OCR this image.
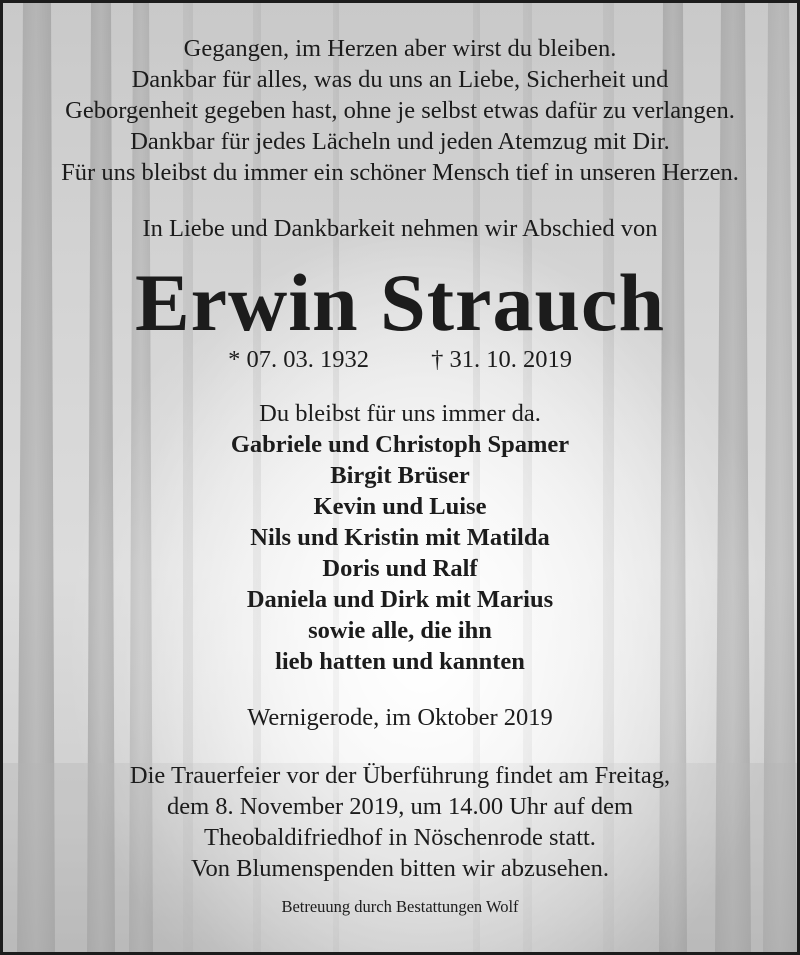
Gegangen, im Herzen aber wirst du bleiben.
Dankbar für alles, was du uns an Liebe, Sicherheit und
Geborgenheit gegeben hast, ohne je selbst etwas dafür zu verlangen.
Dankbar für jedes Lächeln und jeden Atemzug mit Dir.
Für uns bleibst du immer ein schöner Mensch tief in unseren Herzen.
In Liebe und Dankbarkeit nehmen wir Abschied von
Erwin Strauch
* 07. 03. 1932	† 31. 10. 2019
Du bleibst für uns immer da.
Gabriele und Christoph Spamer
Birgit Brüser
Kevin und Luise
Nils und Kristin mit Matilda
Doris und Ralf
Daniela und Dirk mit Marius
sowie alle, die ihn
lieb hatten und kannten
Wernigerode, im Oktober 2019
Die Trauerfeier vor der Überführung findet am Freitag,
dem 8. November 2019, um 14.00 Uhr auf dem
Theobaldifriedhof in Nöschenrode statt.
Von Blumenspenden bitten wir abzusehen.
Betreuung durch Bestattungen Wolf
